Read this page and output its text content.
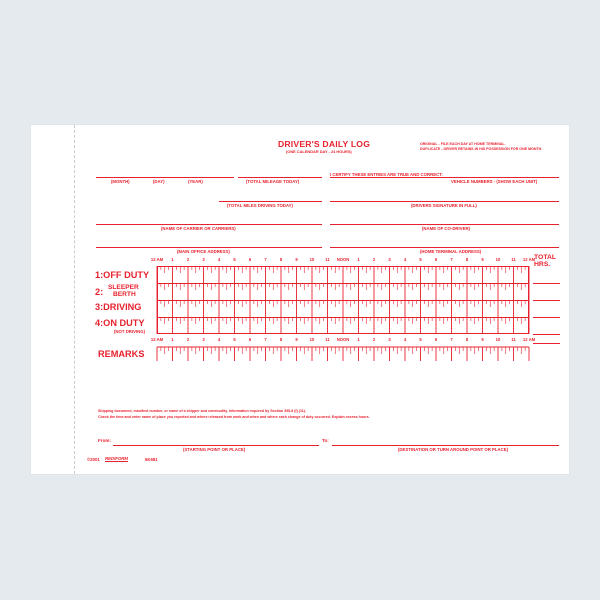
DRIVER'S DAILY LOG
(ONE CALENDAR DAY - 24 HOURS)
ORIGINAL - FILE EACH DAY AT HOME TERMINAL.
DUPLICATE - DRIVER RETAINS IN HIS POSSESSION FOR ONE MONTH.
(MONTH)	(DAY)	(YEAR)	(TOTAL MILEAGE TODAY)
I CERTIFY THESE ENTRIES ARE TRUE AND CORRECT:
VEHICLE NUMBERS - (SHOW EACH UNIT)
(TOTAL MILES DRIVING TODAY)	(DRIVERS SIGNATURE IN FULL)
(NAME OF CARRIER OR CARRIERS)	(NAME OF CO-DRIVER)
(MAIN OFFICE ADDRESS)	(HOME TERMINAL ADDRESS)
12 AM 1	2	3	4	5	6	7	8	9	10	11 NOON 1	2	3	4	5	6	7	8	9	10	11 12 AM
TOTAL
HRS.
1:OFF DUTY
2: SLEEPER
BERTH
3:DRIVING
4:ON DUTY
(NOT DRIVING)
12 AM 1	2	3	4	5	6	7	8	9	10	11 NOON 1	2	3	4	5	6	7	8	9	10	11 12 AM
REMARKS
Shipping document, manifest number, or name of a shipper and commodity. Information required by Section 395.8 (f) (11).
Check the time and enter name of place you reported and where released from work and when and where each change of duty occurred. Explain excess hours.
From:
(STARTING POINT OR PLACE)
To:
(DESTINATION OR TURN AROUND POINT OR PLACE)
©2001 REDIFORM	6K681
